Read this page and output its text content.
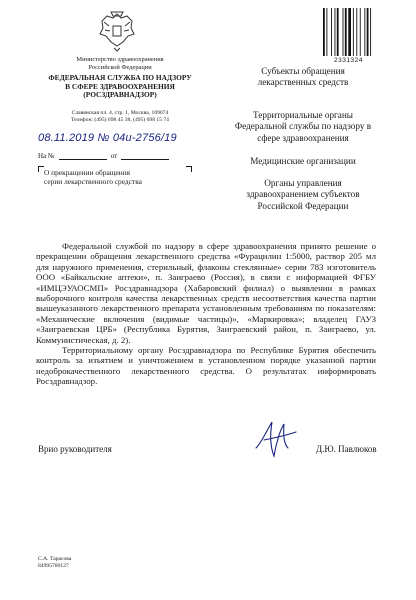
Министерство здравоохранения
Российской Федерации
ФЕДЕРАЛЬНАЯ СЛУЖБА ПО НАДЗОРУ
В СФЕРЕ ЗДРАВООХРАНЕНИЯ
(РОСЗДРАВНАДЗОР)
Славянская пл. 4, стр. 1, Москва, 109074
Телефон: (495) 698 45 38, (495) 698 15 74
2331324
08.11.2019 № 04и-2756/19
На №	от
О прекращении обращения
серии лекарственного средства
Субъекты обращения
лекарственных средств
Территориальные органы
Федеральной службы по надзору в
сфере здравоохранения
Медицинские организации
Органы управления
здравоохранением субъектов
Российской Федерации

Федеральной службой по надзору в сфере здравоохранения принято решение о прекращении обращения лекарственного средства «Фурацилин 1:5000, раствор 205 мл для наружного применения, стерильный, флаконы стеклянные» серии 783 изготовитель ООО «Байкальские аптеки», п. Заиграево (Россия), в связи с информацией ФГБУ «ИМЦЭУАОСМП» Росздравнадзора (Хабаровский филиал) о выявлении в рамках выборочного контроля качества лекарственных средств несоответствия качества партии вышеуказанного лекарственного препарата установленным требованиям по показателям: «Механические включения (видимые частицы)», «Маркировка»; владелец ГАУЗ «Заиграевская ЦРБ» (Республика Бурятия, Заиграевский район, п. Заиграево, ул. Коммунистическая, д. 2).

Территориальному органу Росздравнадзора по Республике Бурятия обеспечить контроль за изъятием и уничтожением в установленном порядке указанной партии недоброкачественного лекарственного средства. О результатах информировать Росздравнадзор.

Врио руководителя	Д.Ю. Павлюков
С.А. Тарасова
84995780127
